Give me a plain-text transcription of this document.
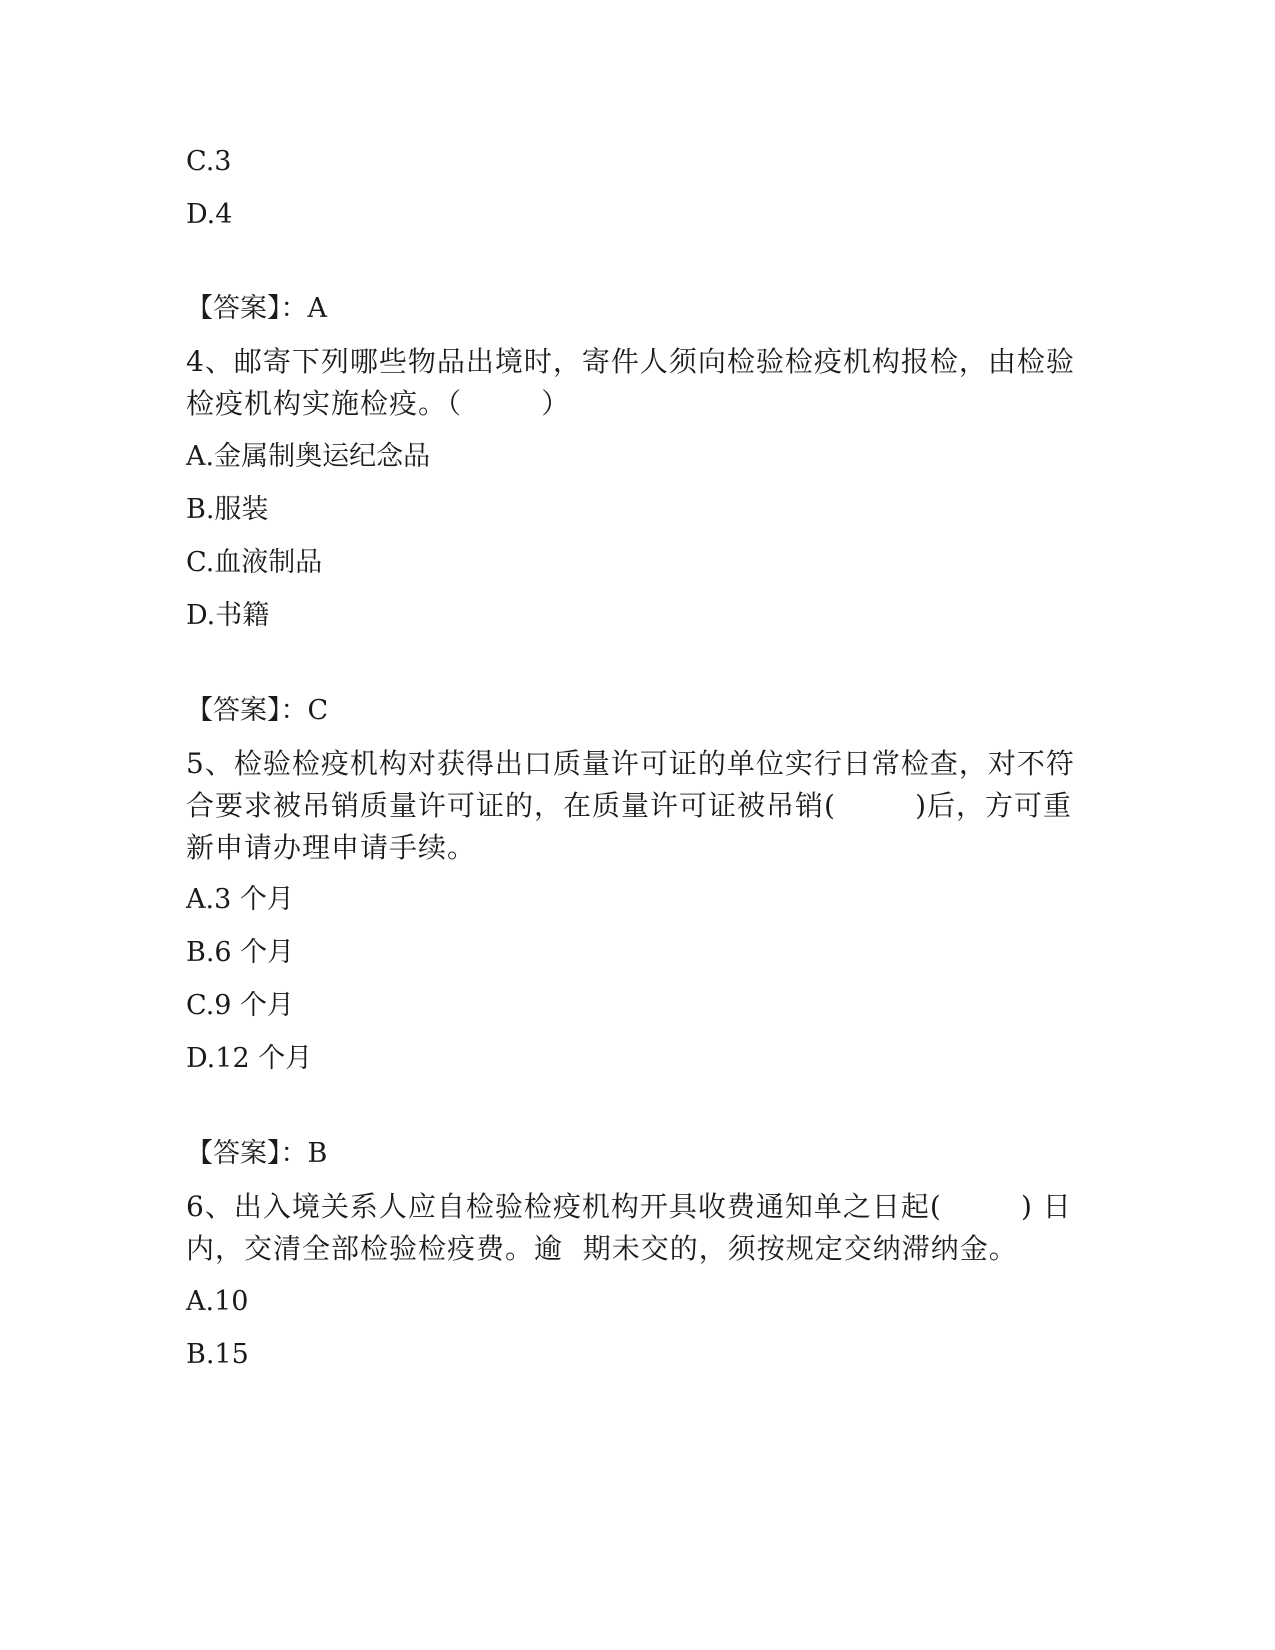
C.3
D.4
【答案】：A
4、邮寄下列哪些物品出境时，寄件人须向检验检疫机构报检，由检验
检疫机构实施检疫。（        ）
A.金属制奥运纪念品
B.服装
C.血液制品
D.书籍
【答案】：C
5、检验检疫机构对获得出口质量许可证的单位实行日常检查，对不符
合要求被吊销质量许可证的，在质量许可证被吊销(        )后，方可重
新申请办理申请手续。
A.3 个月
B.6 个月
C.9 个月
D.12 个月
【答案】：B
6、出入境关系人应自检验检疫机构开具收费通知单之日起(        ) 日
内，交清全部检验检疫费。逾  期未交的，须按规定交纳滞纳金。
A.10
B.15
